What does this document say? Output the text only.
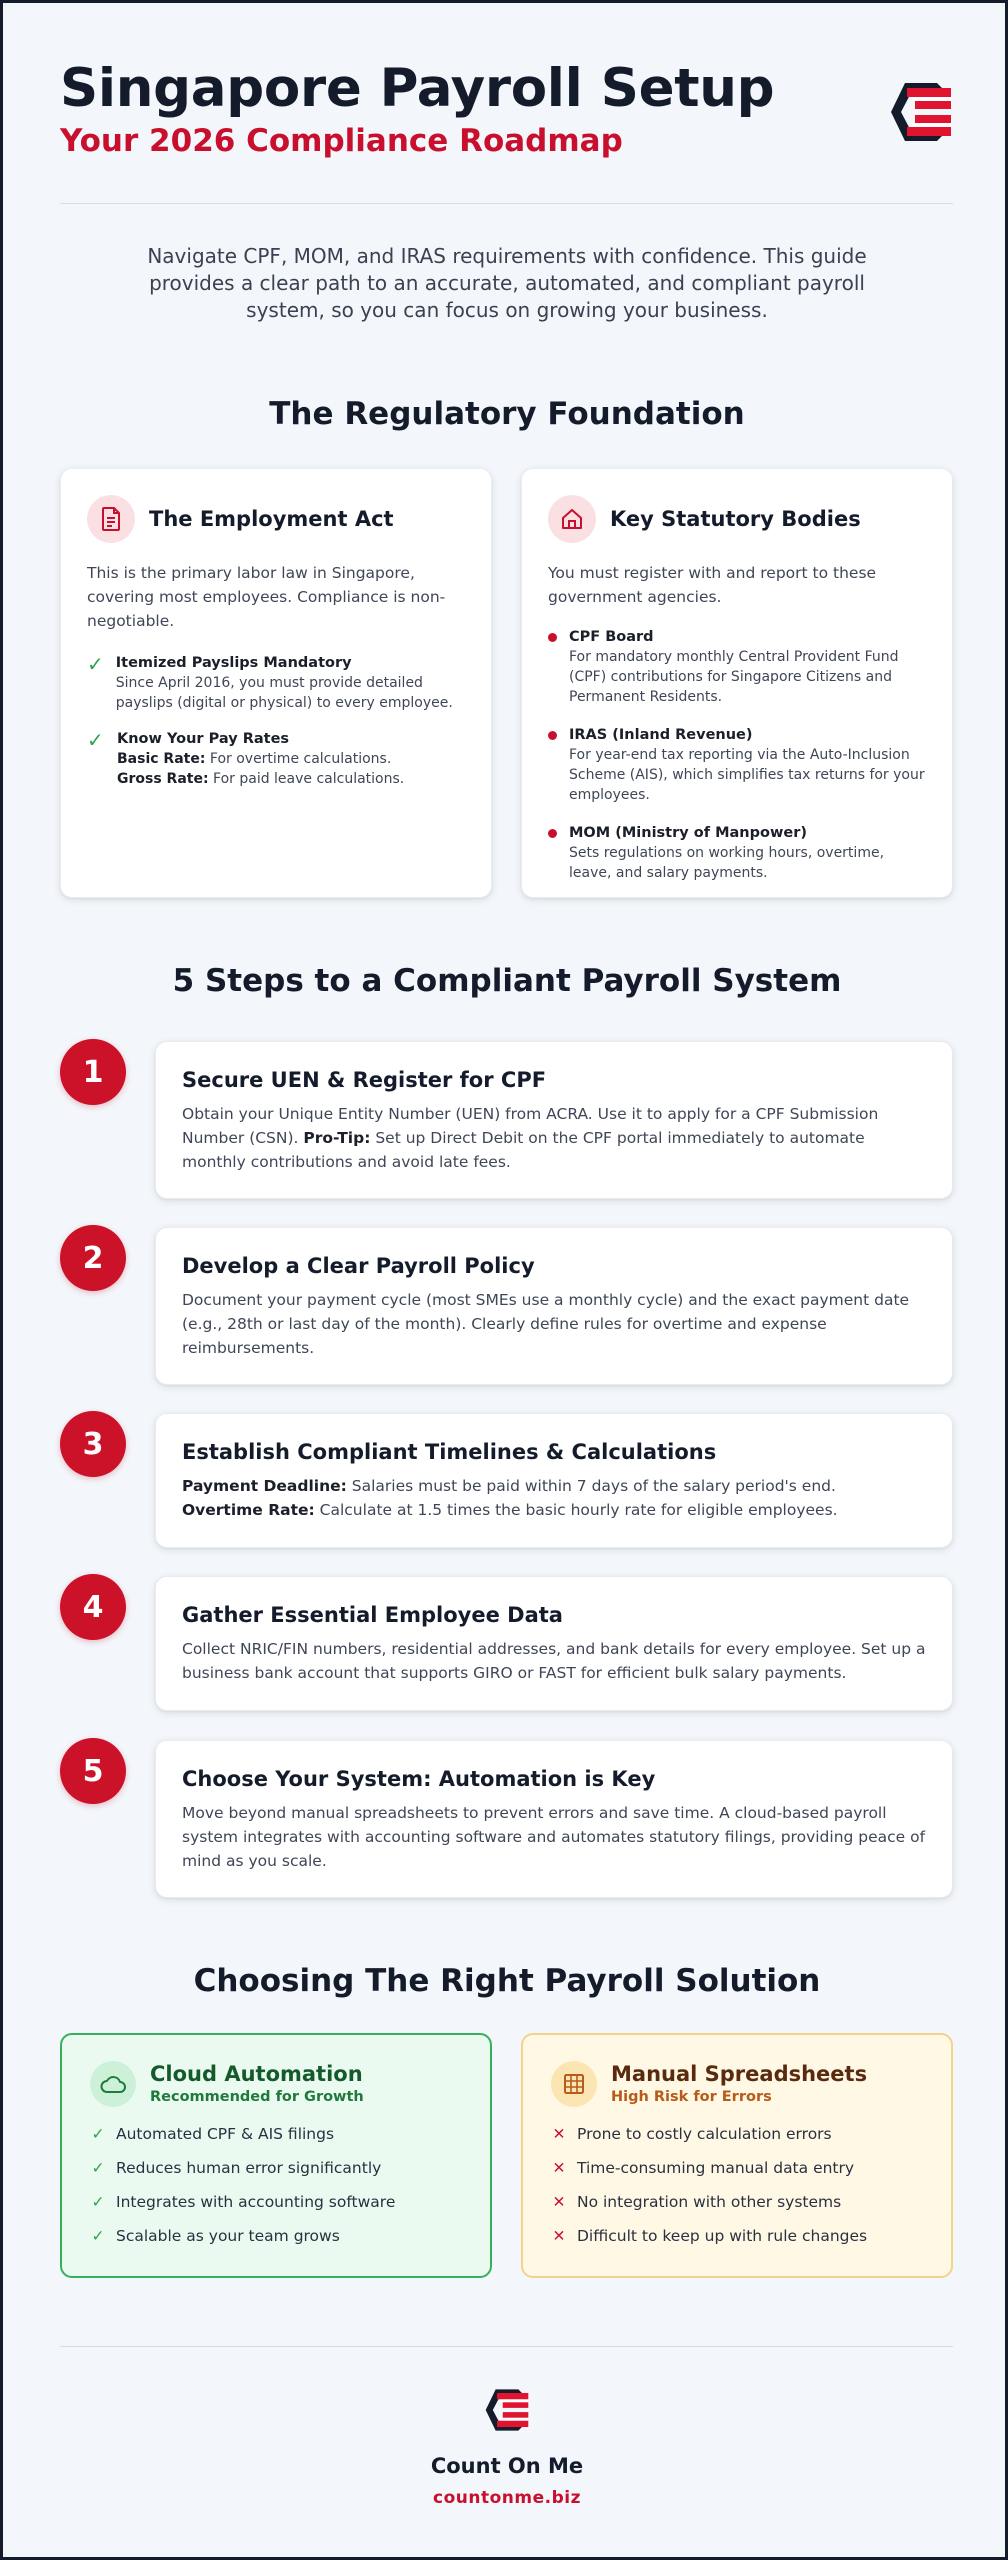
Singapore Payroll Setup
Your 2026 Compliance Roadmap
Navigate CPF, MOM, and IRAS requirements with confidence. This guide provides a clear path to an accurate, automated, and compliant payroll system, so you can focus on growing your business.
The Regulatory Foundation
The Employment Act
This is the primary labor law in Singapore, covering most employees. Compliance is non-negotiable.
✓ Itemized Payslips Mandatory
Since April 2016, you must provide detailed payslips (digital or physical) to every employee.
✓ Know Your Pay Rates
Basic Rate: For overtime calculations.
Gross Rate: For paid leave calculations.
Key Statutory Bodies
You must register with and report to these government agencies.
CPF Board
For mandatory monthly Central Provident Fund (CPF) contributions for Singapore Citizens and Permanent Residents.
IRAS (Inland Revenue)
For year-end tax reporting via the Auto-Inclusion Scheme (AIS), which simplifies tax returns for your employees.
MOM (Ministry of Manpower)
Sets regulations on working hours, overtime, leave, and salary payments.
5 Steps to a Compliant Payroll System
1	Secure UEN & Register for CPF
Obtain your Unique Entity Number (UEN) from ACRA. Use it to apply for a CPF Submission Number (CSN). Pro-Tip: Set up Direct Debit on the CPF portal immediately to automate monthly contributions and avoid late fees.
2	Develop a Clear Payroll Policy
Document your payment cycle (most SMEs use a monthly cycle) and the exact payment date (e.g., 28th or last day of the month). Clearly define rules for overtime and expense reimbursements.
3	Establish Compliant Timelines & Calculations
Payment Deadline: Salaries must be paid within 7 days of the salary period's end.
Overtime Rate: Calculate at 1.5 times the basic hourly rate for eligible employees.
4	Gather Essential Employee Data
Collect NRIC/FIN numbers, residential addresses, and bank details for every employee. Set up a business bank account that supports GIRO or FAST for efficient bulk salary payments.
5	Choose Your System: Automation is Key
Move beyond manual spreadsheets to prevent errors and save time. A cloud-based payroll system integrates with accounting software and automates statutory filings, providing peace of mind as you scale.
Choosing The Right Payroll Solution
Cloud Automation
Recommended for Growth
✓ Automated CPF & AIS filings
✓ Reduces human error significantly
✓ Integrates with accounting software
✓ Scalable as your team grows
Manual Spreadsheets
High Risk for Errors
✕ Prone to costly calculation errors
✕ Time-consuming manual data entry
✕ No integration with other systems
✕ Difficult to keep up with rule changes
Count On Me
countonme.biz
